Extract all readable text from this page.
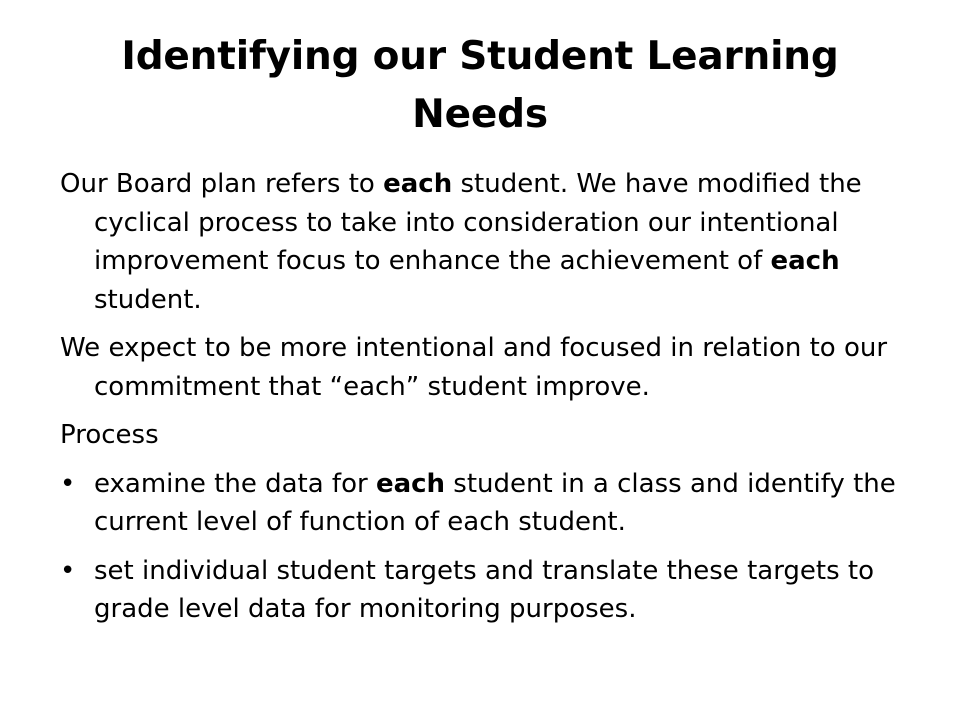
Identifying our Student Learning
Needs

Our Board plan refers to each student. We have modified the cyclical process to take into consideration our intentional improvement focus to enhance the achievement of each student.

We expect to be more intentional and focused in relation to our commitment that “each” student improve.

Process

• examine the data for each student in a class and identify the current level of function of each student.
• set individual student targets and translate these targets to grade level data for monitoring purposes.
